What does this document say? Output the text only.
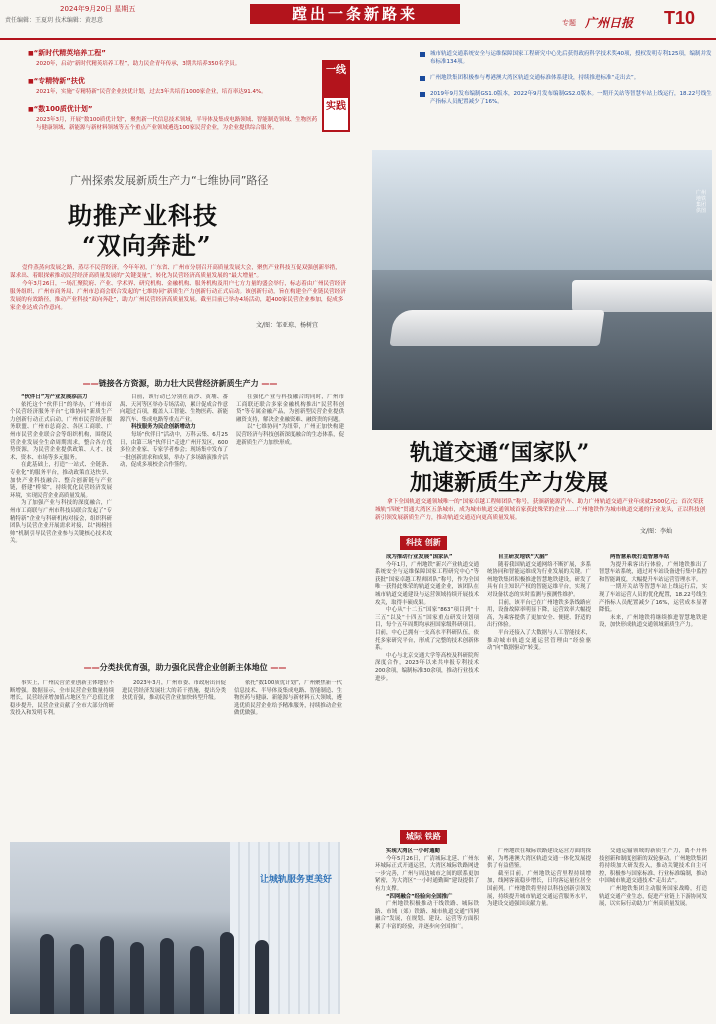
2024年9月20日 星期五
责任编辑：王夏玥 技术编辑：黄思意	蹚出一条新路来	专题 广州日报 T10
■ “新时代精英培养工程”
2020年，启动“新时代精英培养工程”，助力民企青年传承，3期共培养350名学员。
■ “专精特新”扶优
2021年，实施“专精特新”民营企业扶优计划，过去3年共培育1000家企业，培育率达91.4%。
■ “数100质优计划”
2023年3月，开展“数100质优计划”，聚焦新一代信息技术领域，半导体及集成电路领域、智能制造领域、生物医药与健康领域、新能源与新材料领域等五个重点产业领域遴选100家民营企业，为企业提供综合服务。
一线
实践
城市轨道交通系统安全与运维保障国家工程研究中心先后获得政府科学技术奖40项，授权发明专利125项，编制并发布标准134项。
广州地铁集团积极参与粤港澳大湾区轨道交通标准体系建设，持续推进标准“走出去”。
2019年9月发布编制GS1.0版本，2022年9月发布编制GS2.0版本。一期开关站等智慧车站上线运行，18.22号线生产指标人员配置减少了16%。
广州探索发展新质生产力“七维协同”路径
助推产业科技
“双向奔赴”

壹件蒸蒸向发展之路，蒸尽不民营经济。今年年初，广东省、广州市分别召开高质量发展大会，聚焦产业科技互促双强创新举措，谋求出、着眼探索推动民营经济高质量发展的“关键变量”，转化为民营经济高质量发展的“最大增量”。

今年3月26日，一场汇聚院府、产业、学术界、研究机构、金融机构、服务机构及用户七方力量的盛会举行，标志着由广州民营经济服务组织、广州市商务局、广州市总商会联合发起的“七维协同”新质生产力创新行动正式启动。该创新行动，旨在构建全产业链民营经济发展的有效路径，推动产业科技“双向奔赴”，助力广州民营经济高质量发展。截至目前已举办4场活动，超400家民营企业参加，促成多家企业达成合作意向。

文/图：邹亚琼、杨树宜
—— 链接各方资源，助力壮大民营经济新质生产力 ——

“伙伴日”为产业发展添活力

依托这个“伙伴日”的举办，广州市首个民营经济服务平台“七维协同”新质生产力创新行动正式启动，广州市民营经济服务联盟、广州市总商会、各区工商联、广州市民营企业联合会等组织机构，围绕民营企业发展全生命周期需求，整合各方优势资源，为民营企业提供政策、人才、技术、资本、市场等多元服务。

在此基础上，打造“一站式、全链条、专业化”的服务平台，推动政策直达快享、加快产业科技融合、整合创新链与产业链，搭建“桥梁”，持续优化民营经济发展环境，实现民营企业高质量发展。

为了加强产业与科技的深度融合，广州市工商联与广州市科技局联合发起了“专精特新”企业与科研机构对接会，组织科研团队与民营企业开展需求对接，以“揭榜挂帅”机制引导民营企业参与关键核心技术攻关。

目前，该行动已分别在南沙、黄埔、番禺、天河等区举办专场活动，累计促成合作意向超过百项，覆盖人工智能、生物医药、新能源汽车、集成电路等重点产业。

科技服务为民企创新增动力

每场“伙伴日”活动中，万科云集、6月25日，由第三场“伙伴日”走进广州开发区，600多位企业家、专家学者参会；现场集中发布了一批创新需求和成果，举办了多场路演推介活动，促成多项校企合作签约。

在强化产业与科技融合的同时，广州市工商联还联合多家金融机构推出“民营科创贷”等专属金融产品，为创新型民营企业提供融资支持，解决企业融资难、融资贵的问题。

以“七维协同”为纽带，广州正加快构建民营经济与科技创新深度融合的生态体系，促进新质生产力加快形成。

—— 分类扶优育强，助力强化民营企业创新主体地位 ——

事实上，广州民营企业创新主体地位不断增强。数据显示，全市民营企业数量持续增长，民营经济增加值占地区生产总值比重稳步提升，民营企业贡献了全市大部分的研发投入和发明专利。

2023年3月，广州市委、市政府出台促进民营经济发展壮大的若干措施，提出分类扶优育强，推动民营企业加快转型升级。

依托“数100质优计划”，广州聚焦新一代信息技术、半导体及集成电路、智能制造、生物医药与健康、新能源与新材料五大领域，遴选优质民营企业给予精准服务，持续推动企业做优做强。

让城轨服务更美好
广州地铁集团供图
轨道交通“国家队”
加速新质生产力发展
拿下全国轨道交通领域唯一的“国家卓越工程师团队”称号，获颁新能源汽车、助力广州轨道交通产业年成就2500亿元；首次荣获城轨“四统”贯通大湾区五条城市，成为城市轨道交通领域首家获此殊荣的企业……广州地铁作为城市轨道交通的行业龙头，正以科技创新引领发展新质生产力，推动轨道交通迈向更高质量发展。
文/图：李灿
科技 创新

成为推动行业发展“国家队”

今年1月，广州地铁“新兴产业轨道交通系统安全与运维保障国家工程研究中心”等获批“国家卓越工程师团队”称号，作为全国唯一获得此殊荣的轨道交通企业，该团队在城市轨道交通建设与运营领域持续开展技术攻关，取得丰硕成果。

中心从“十二五”国家“863”项目到“十三五”以及“十四五”国家重点研发计划项目，每个五年周期均承担国家级科研项目。目前，中心已拥有一支高水平科研队伍，依托多家研究平台，形成了完整的技术创新体系。

中心与北京交通大学等高校及科研院所深度合作，2023年以来共申报专利技术200余项，编制标准30余项，推动行业技术进步。

自主研发地铁“大脑”

随着我国轨道交通网络不断扩展，多系统协同和智能运维成为行业发展的关键。广州地铁集团积极推进智慧地铁建设，研发了具有自主知识产权的智能运维平台，实现了对设备状态的实时监测与预测性维护。

目前，该平台已在广州地铁多条线路应用，设备故障率明显下降，运营效率大幅提高，为乘客提供了更加安全、便捷、舒适的出行体验。

平台还接入了大数据与人工智能技术，推动城市轨道交通运营管理由“经验驱动”向“数据驱动”转变。

两智慧系统打造智慧车站

为提升乘客出行体验，广州地铁推出了智慧车站系统，通过对车站设备进行集中监控和智能调度，大幅提升车站运营管理水平。

一期开关站等智慧车站上线运行后，实现了车站运营人员的优化配置，18.22号线生产指标人员配置减少了16%，运营成本显著降低。

未来，广州地铁将继续推进智慧地铁建设，加快形成轨道交通领域新质生产力。

城际 铁路

实现大湾区一小时通勤

今年5月26日，广清城际北延、广州东环城际正式开通运营，大湾区城际铁路网进一步完善，广州与周边城市之间的联系更加紧密，为大湾区“一小时通勤圈”建设提供了有力支撑。

“四网融合”经验向全国推广

广州地铁积极推动干线铁路、城际铁路、市域（郊）铁路、城市轨道交通“四网融合”发展，在规划、建设、运营等方面积累了丰富的经验，并逐步向全国推广。

广州地铁在城际铁路建设运营方面的探索，为粤港澳大湾区轨道交通一体化发展提供了有益借鉴。

截至目前，广州地铁运营里程持续增加，线网客流稳步增长，日均客运量位居全国前列。广州地铁将坚持以科技创新引领发展，持续提升城市轨道交通运营服务水平，为建设交通强国贡献力量。

交通运输领域的新质生产力，离不开科技创新和制度创新的双轮驱动。广州地铁集团将持续加大研发投入，推动关键技术自主可控，积极参与国家标准、行业标准编制，推动中国城市轨道交通技术“走出去”。

广州地铁集团主动服务国家战略，打造轨道交通产业生态，促进产业链上下游协同发展，以实际行动助力广州高质量发展。
